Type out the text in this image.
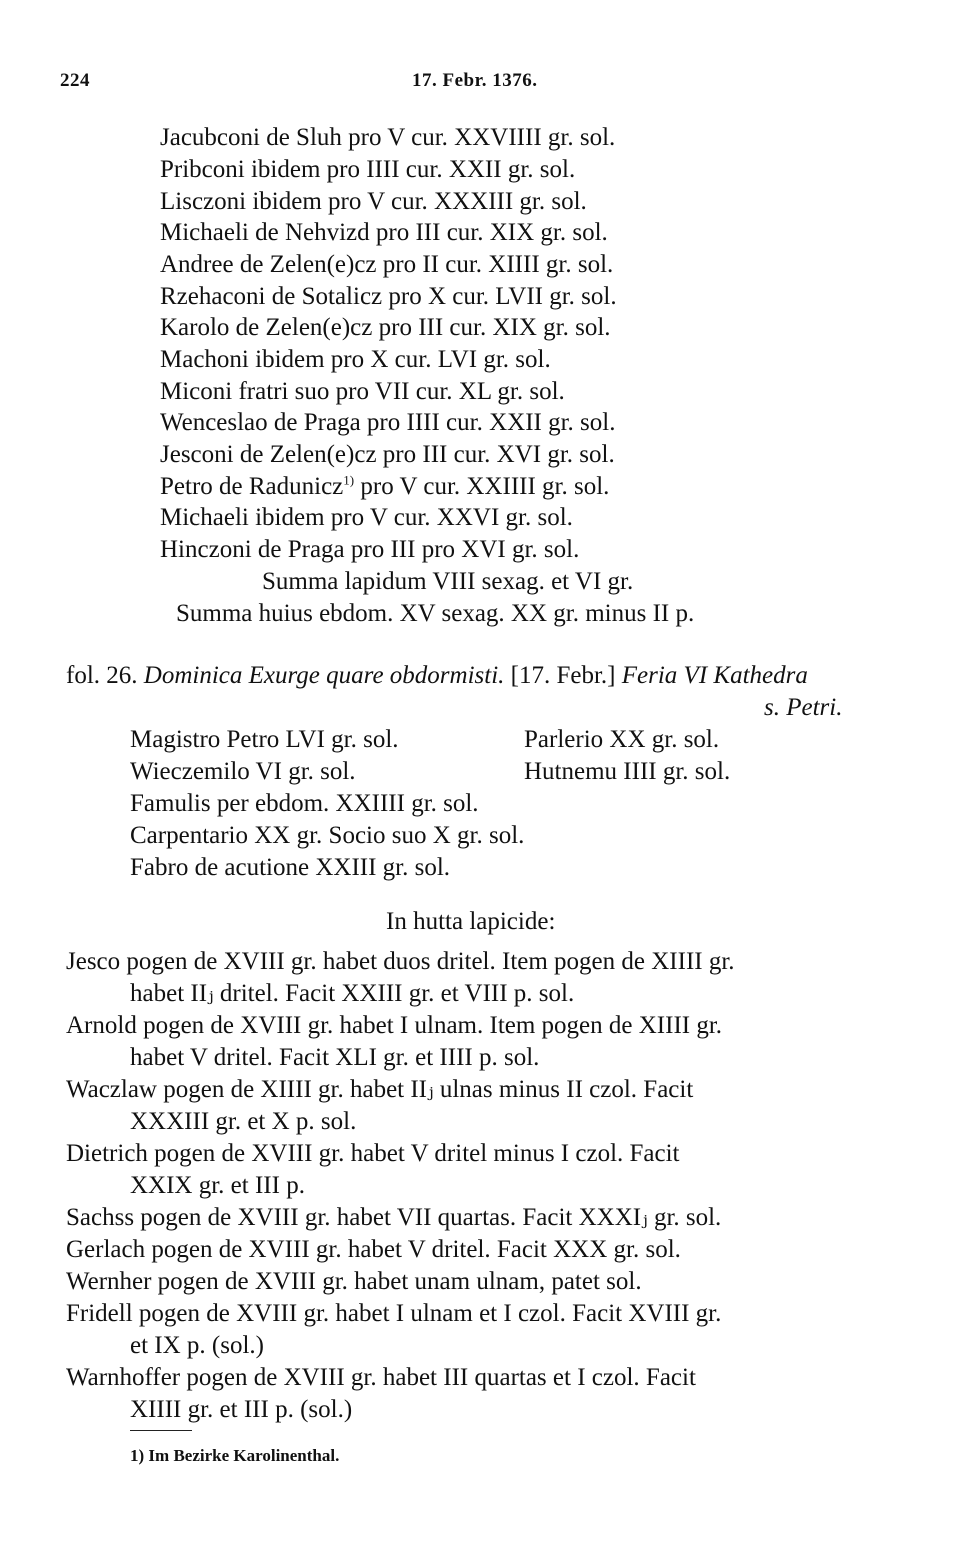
224	17. Febr. 1376.
Jacubconi de Sluh pro V cur. XXVIIII gr. sol.
Pribconi ibidem pro IIII cur. XXII gr. sol.
Lisczoni ibidem pro V cur. XXXIII gr. sol.
Michaeli de Nehvizd pro III cur. XIX gr. sol.
Andree de Zelen(e)cz pro II cur. XIIII gr. sol.
Rzehaconi de Sotalicz pro X cur. LVII gr. sol.
Karolo de Zelen(e)cz pro III cur. XIX gr. sol.
Machoni ibidem pro X cur. LVI gr. sol.
Miconi fratri suo pro VII cur. XL gr. sol.
Wenceslao de Praga pro IIII cur. XXII gr. sol.
Jesconi de Zelen(e)cz pro III cur. XVI gr. sol.
Petro de Radunicz$^{1)}$ pro V cur. XXIIII gr. sol.
Michaeli ibidem pro V cur. XXVI gr. sol.
Hinczoni de Praga pro III pro XVI gr. sol.
Summa lapidum VIII sexag. et VI gr.
Summa huius ebdom. XV sexag. XX gr. minus II p.
fol. 26. Dominica Exurge quare obdormisti. [17. Febr.] Feria VI Kathedra
s. Petri.
Magistro Petro LVI gr. sol.	Parlerio XX gr. sol.
Wieczemilo VI gr. sol.	Hutnemu IIII gr. sol.
Famulis per ebdom. XXIIII gr. sol.
Carpentario XX gr. Socio suo X gr. sol.
Fabro de acutione XXIII gr. sol.
In hutta lapicide:
Jesco pogen de XVIII gr. habet duos dritel. Item pogen de XIIII gr.
habet IIⱼ dritel. Facit XXIII gr. et VIII p. sol.
Arnold pogen de XVIII gr. habet I ulnam. Item pogen de XIIII gr.
habet V dritel. Facit XLI gr. et IIII p. sol.
Waczlaw pogen de XIIII gr. habet IIⱼ ulnas minus II czol. Facit
XXXIII gr. et X p. sol.
Dietrich pogen de XVIII gr. habet V dritel minus I czol. Facit
XXIX gr. et III p.
Sachss pogen de XVIII gr. habet VII quartas. Facit XXXIⱼ gr. sol.
Gerlach pogen de XVIII gr. habet V dritel. Facit XXX gr. sol.
Wernher pogen de XVIII gr. habet unam ulnam, patet sol.
Fridell pogen de XVIII gr. habet I ulnam et I czol. Facit XVIII gr.
et IX p. (sol.)
Warnhoffer pogen de XVIII gr. habet III quartas et I czol. Facit
XIIII gr. et III p. (sol.)
1) Im Bezirke Karolinenthal.
